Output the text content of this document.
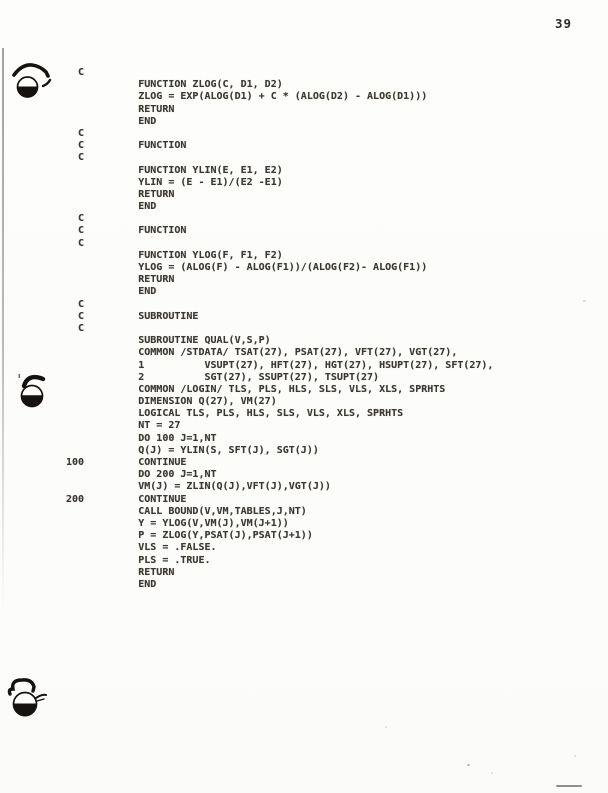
39
C
FUNCTION ZLOG(C, D1, D2)
ZLOG = EXP(ALOG(D1) + C * (ALOG(D2) - ALOG(D1)))
RETURN
END
C
C         FUNCTION
C
FUNCTION YLIN(E, E1, E2)
YLIN = (E - E1)/(E2 -E1)
RETURN
END
C
C         FUNCTION
C
FUNCTION YLOG(F, F1, F2)
YLOG = (ALOG(F) - ALOG(F1))/(ALOG(F2)- ALOG(F1))
RETURN
END
C
C         SUBROUTINE
C
SUBROUTINE QUAL(V,S,P)
COMMON /STDATA/ TSAT(27), PSAT(27), VFT(27), VGT(27),
1          VSUPT(27), HFT(27), HGT(27), HSUPT(27), SFT(27),
2          SGT(27), SSUPT(27), TSUPT(27)
COMMON /LOGIN/ TLS, PLS, HLS, SLS, VLS, XLS, SPRHTS
DIMENSION Q(27), VM(27)
LOGICAL TLS, PLS, HLS, SLS, VLS, XLS, SPRHTS
NT = 27
DO 100 J=1,NT
Q(J) = YLIN(S, SFT(J), SGT(J))
100         CONTINUE
DO 200 J=1,NT
VM(J) = ZLIN(Q(J),VFT(J),VGT(J))
200         CONTINUE
CALL BOUND(V,VM,TABLES,J,NT)
Y = YLOG(V,VM(J),VM(J+1))
P = ZLOG(Y,PSAT(J),PSAT(J+1))
VLS = .FALSE.
PLS = .TRUE.
RETURN
END
